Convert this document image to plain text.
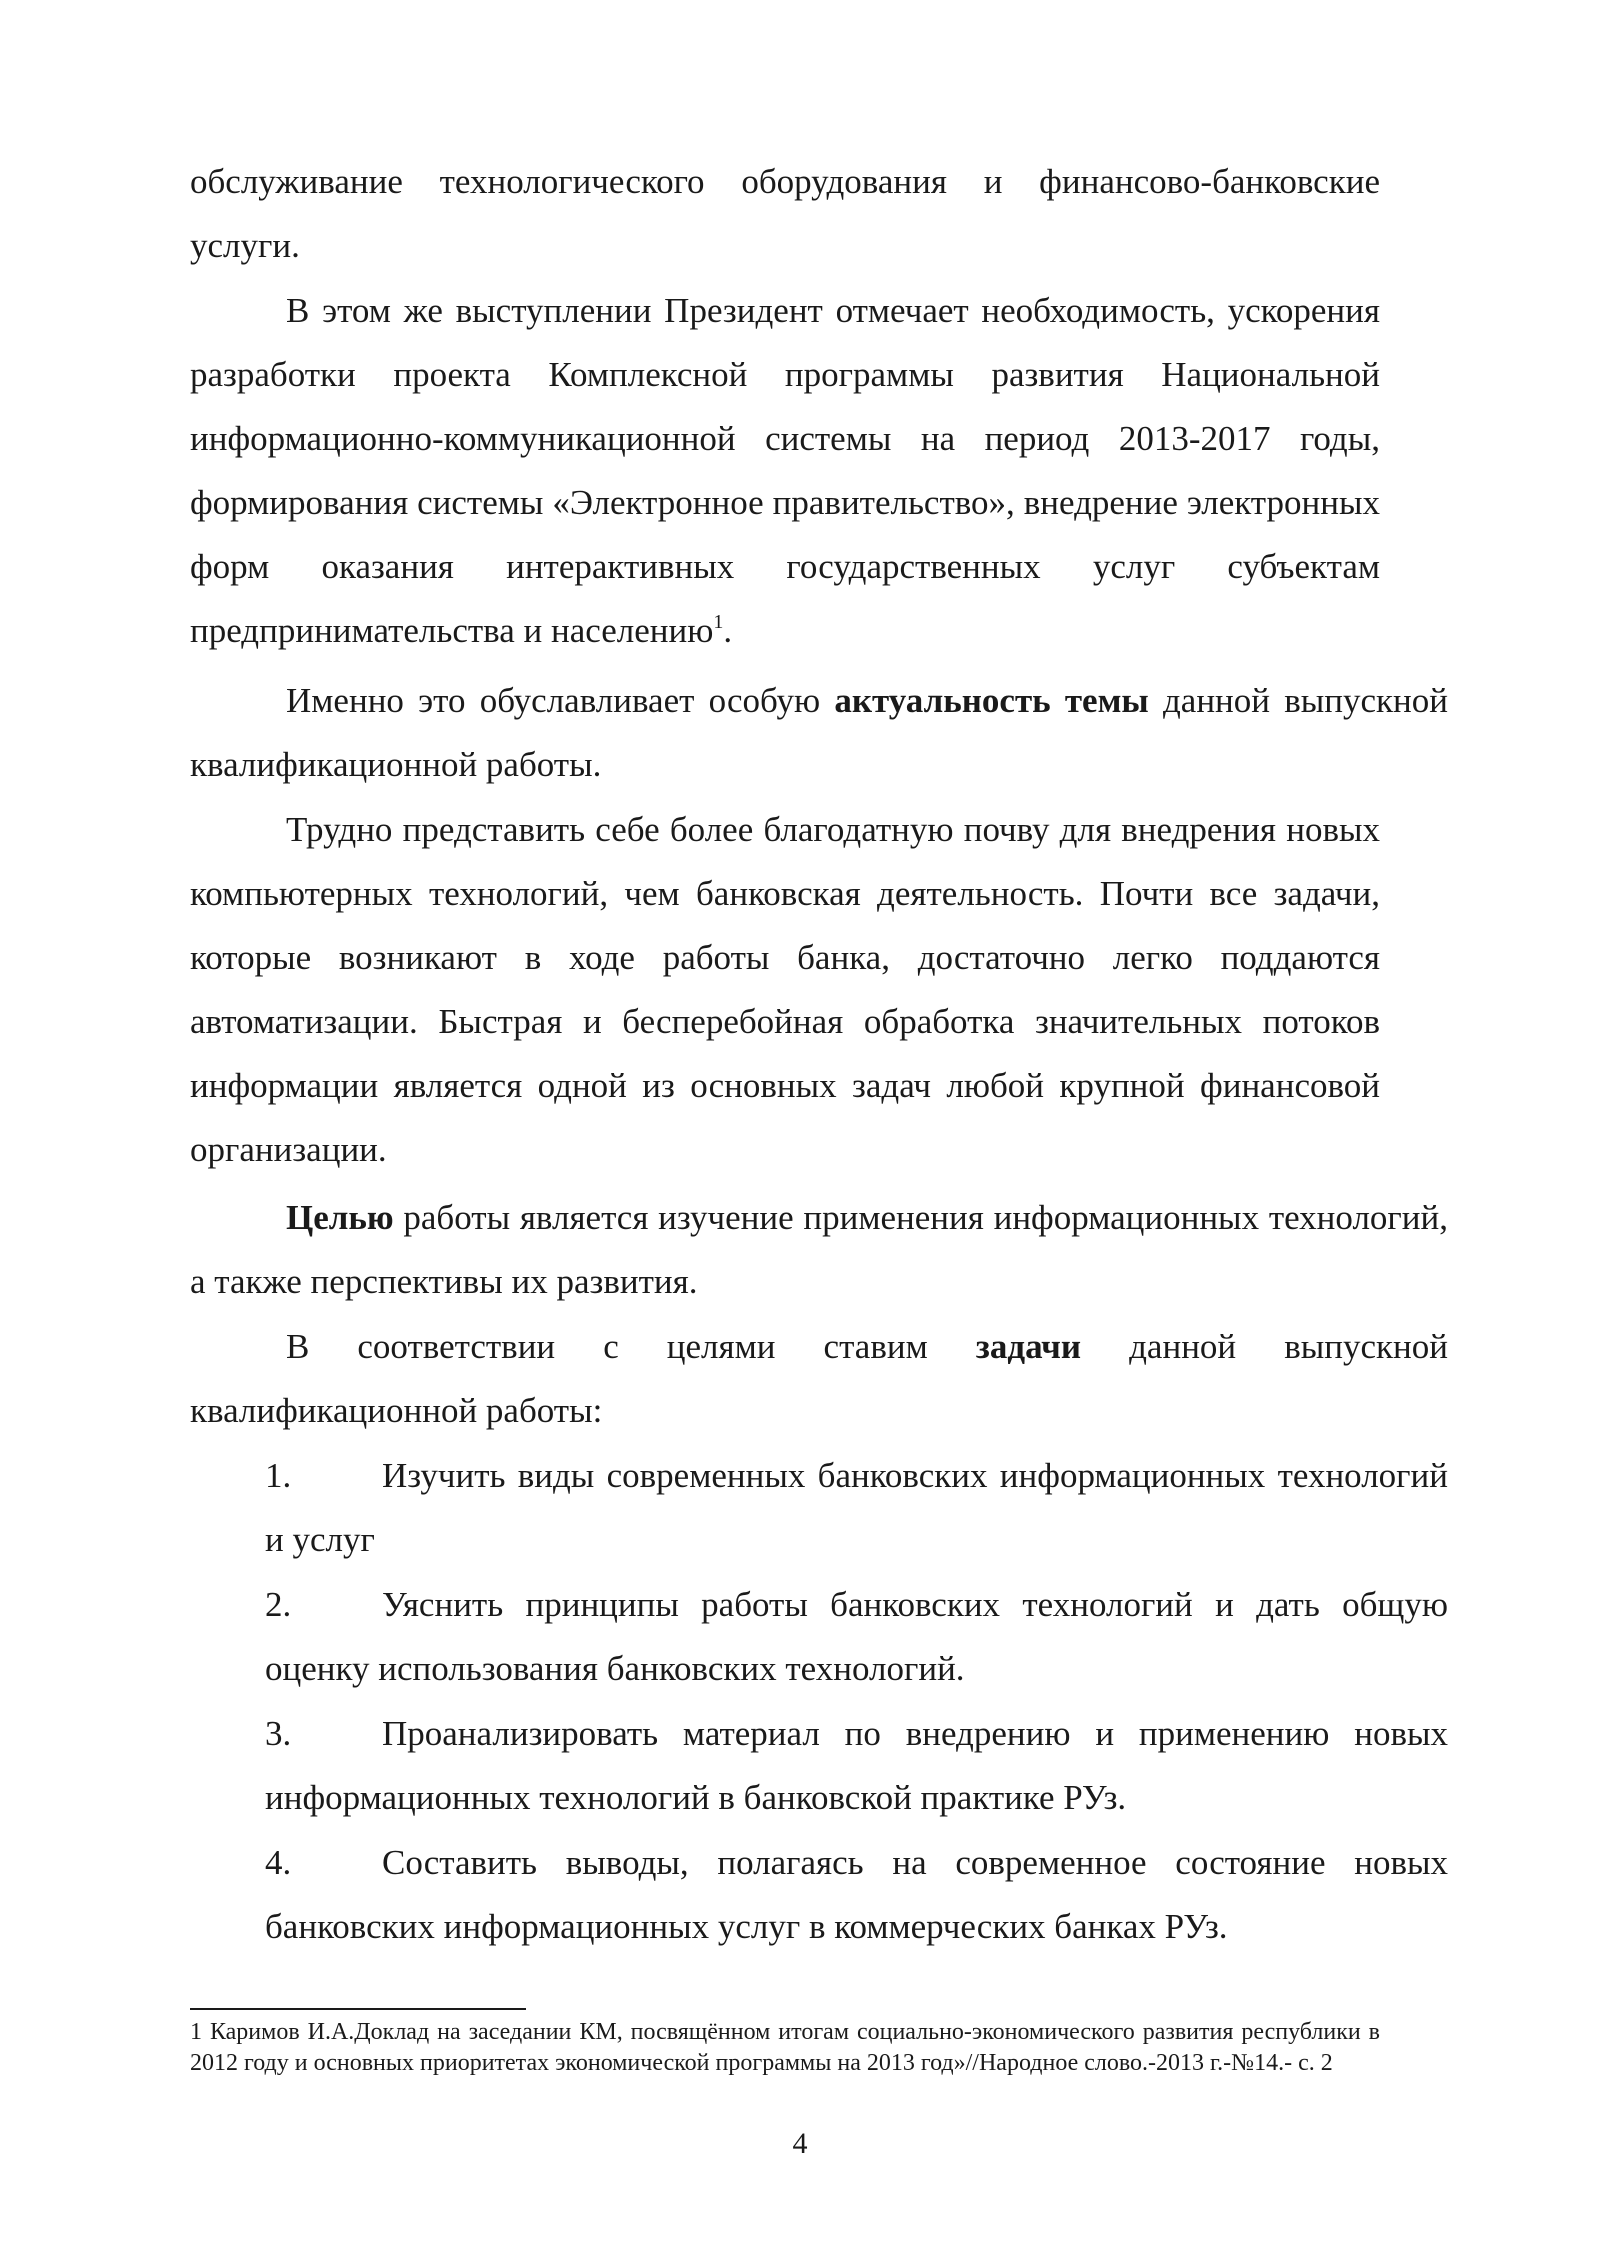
обслуживание технологического оборудования и финансово-банковские услуги.

В этом же выступлении Президент отмечает необходимость, ускорения разработки проекта Комплексной программы развития Национальной информационно-коммуникационной системы на период 2013-2017 годы, формирования системы «Электронное правительство», внедрение электронных форм оказания интерактивных государственных услуг субъектам предпринимательства и населению$^1$.

Именно это обуславливает особую актуальность темы данной выпускной квалификационной работы.

Трудно представить себе более благодатную почву для внедрения новых компьютерных технологий, чем банковская деятельность. Почти все задачи, которые возникают в ходе работы банка, достаточно легко поддаются автоматизации. Быстрая и бесперебойная обработка значительных потоков информации является одной из основных задач любой крупной финансовой организации.

Целью работы является изучение применения информационных технологий, а также перспективы их развития.

В соответствии с целями ставим задачи данной выпускной квалификационной работы:

1.	Изучить виды современных банковских информационных технологий и услуг

2.	Уяснить принципы работы банковских технологий и дать общую оценку использования банковских технологий.

3.	Проанализировать материал по внедрению и применению новых информационных технологий в банковской практике РУз.

4.	Составить выводы, полагаясь на современное состояние новых банковских информационных услуг в коммерческих банках РУз.

1 Каримов И.А.Доклад на заседании КМ, посвящённом итогам социально-экономического развития республики в 2012 году и основных приоритетах экономической программы на 2013 год»//Народное слово.-2013 г.-№14.- с. 2

4
